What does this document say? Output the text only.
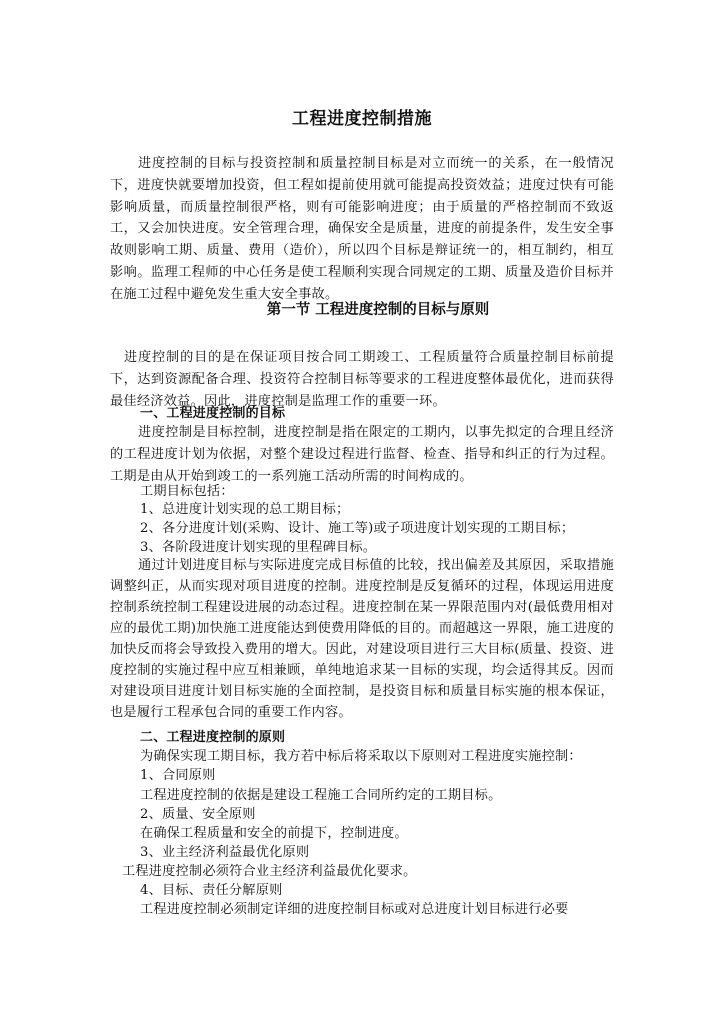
工程进度控制措施
进度控制的目标与投资控制和质量控制目标是对立而统一的关系，在一般情况下，进度快就要增加投资，但工程如提前使用就可能提高投资效益；进度过快有可能影响质量，而质量控制很严格，则有可能影响进度；由于质量的严格控制而不致返工，又会加快进度。安全管理合理，确保安全是质量，进度的前提条件，发生安全事故则影响工期、质量、费用（造价），所以四个目标是辩证统一的，相互制约，相互影响。监理工程师的中心任务是使工程顺利实现合同规定的工期、质量及造价目标并在施工过程中避免发生重大安全事故。
第一节 工程进度控制的目标与原则
进度控制的目的是在保证项目按合同工期竣工、工程质量符合质量控制目标前提下，达到资源配备合理、投资符合控制目标等要求的工程进度整体最优化，进而获得最佳经济效益。因此，进度控制是监理工作的重要一环。
一、工程进度控制的目标
进度控制是目标控制，进度控制是指在限定的工期内，以事先拟定的合理且经济的工程进度计划为依据，对整个建设过程进行监督、检查、指导和纠正的行为过程。工期是由从开始到竣工的一系列施工活动所需的时间构成的。
工期目标包括：
1、总进度计划实现的总工期目标；
2、各分进度计划(采购、设计、施工等)或子项进度计划实现的工期目标；
3、各阶段进度计划实现的里程碑目标。
通过计划进度目标与实际进度完成目标值的比较，找出偏差及其原因，采取措施调整纠正，从而实现对项目进度的控制。进度控制是反复循环的过程，体现运用进度控制系统控制工程建设进展的动态过程。进度控制在某一界限范围内对(最低费用相对应的最优工期)加快施工进度能达到使费用降低的目的。而超越这一界限，施工进度的加快反而将会导致投入费用的增大。因此，对建设项目进行三大目标(质量、投资、进度控制的实施过程中应互相兼顾，单纯地追求某一目标的实现，均会适得其反。因而对建设项目进度计划目标实施的全面控制，是投资目标和质量目标实施的根本保证，也是履行工程承包合同的重要工作内容。
二、工程进度控制的原则
为确保实现工期目标，我方若中标后将采取以下原则对工程进度实施控制：
1、合同原则
工程进度控制的依据是建设工程施工合同所约定的工期目标。
2、质量、安全原则
在确保工程质量和安全的前提下，控制进度。
3、业主经济利益最优化原则
工程进度控制必须符合业主经济利益最优化要求。
4、目标、责任分解原则
工程进度控制必须制定详细的进度控制目标或对总进度计划目标进行必要
